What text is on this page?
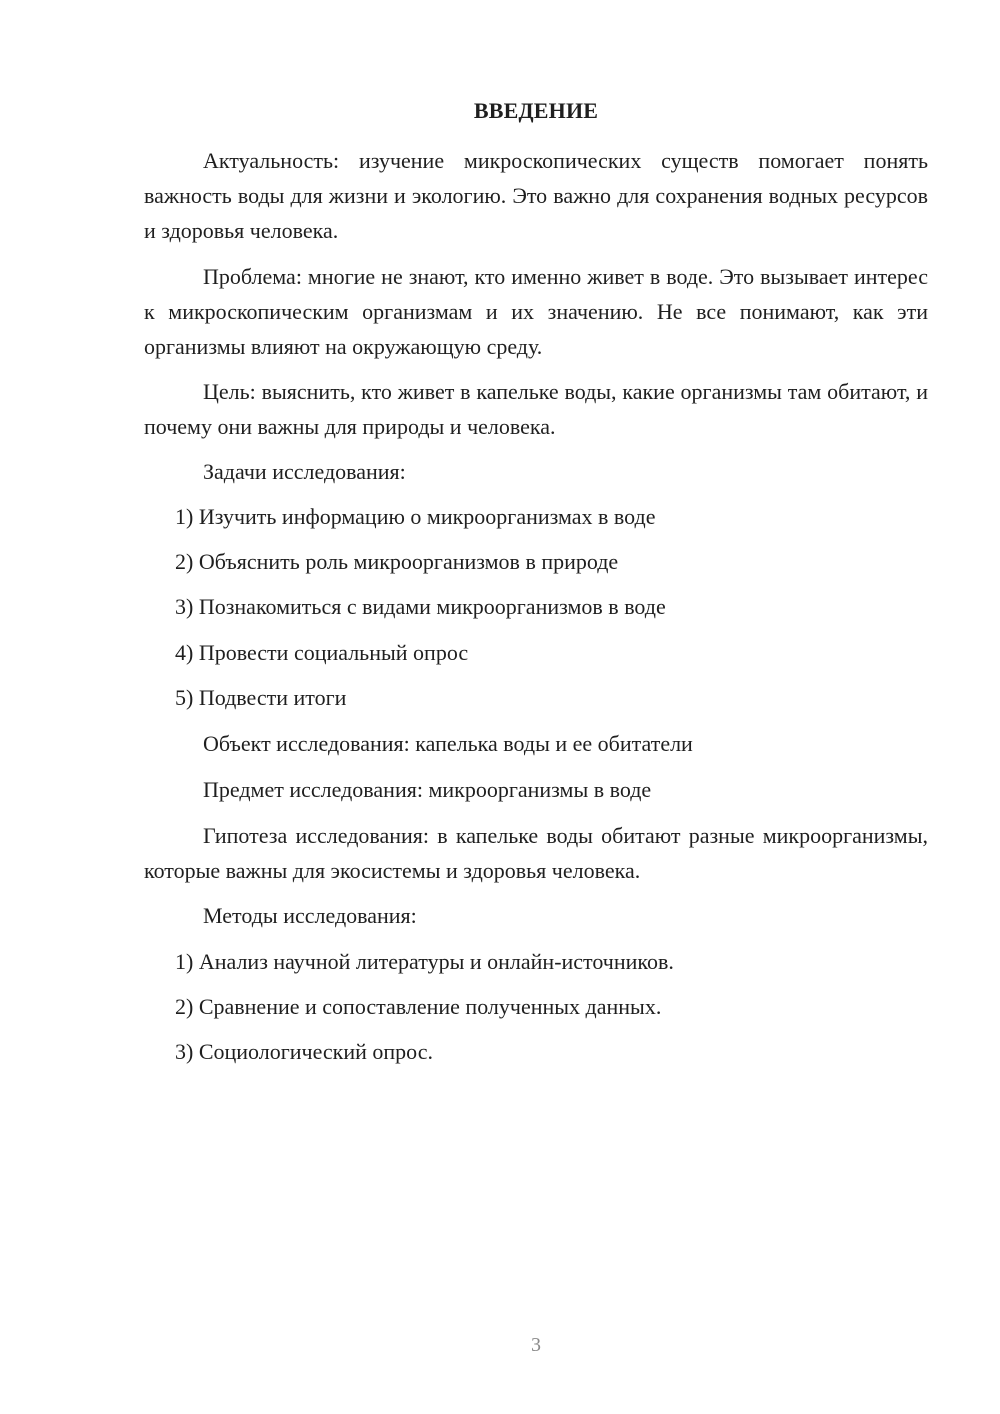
ВВЕДЕНИЕ

Актуальность: изучение микроскопических существ помогает понять важность воды для жизни и экологию. Это важно для сохранения водных ресурсов и здоровья человека.

Проблема: многие не знают, кто именно живет в воде. Это вызывает интерес к микроскопическим организмам и их значению. Не все понимают, как эти организмы влияют на окружающую среду.

Цель: выяснить, кто живет в капельке воды, какие организмы там обитают, и почему они важны для природы и человека.

Задачи исследования:

1) Изучить информацию о микроорганизмах в воде

2) Объяснить роль микроорганизмов в природе

3) Познакомиться с видами микроорганизмов в воде

4) Провести социальный опрос

5) Подвести итоги

Объект исследования: капелька воды и ее обитатели

Предмет исследования: микроорганизмы в воде

Гипотеза исследования: в капельке воды обитают разные микроорганизмы, которые важны для экосистемы и здоровья человека.

Методы исследования:

1) Анализ научной литературы и онлайн-источников.

2) Сравнение и сопоставление полученных данных.

3) Социологический опрос.

3
